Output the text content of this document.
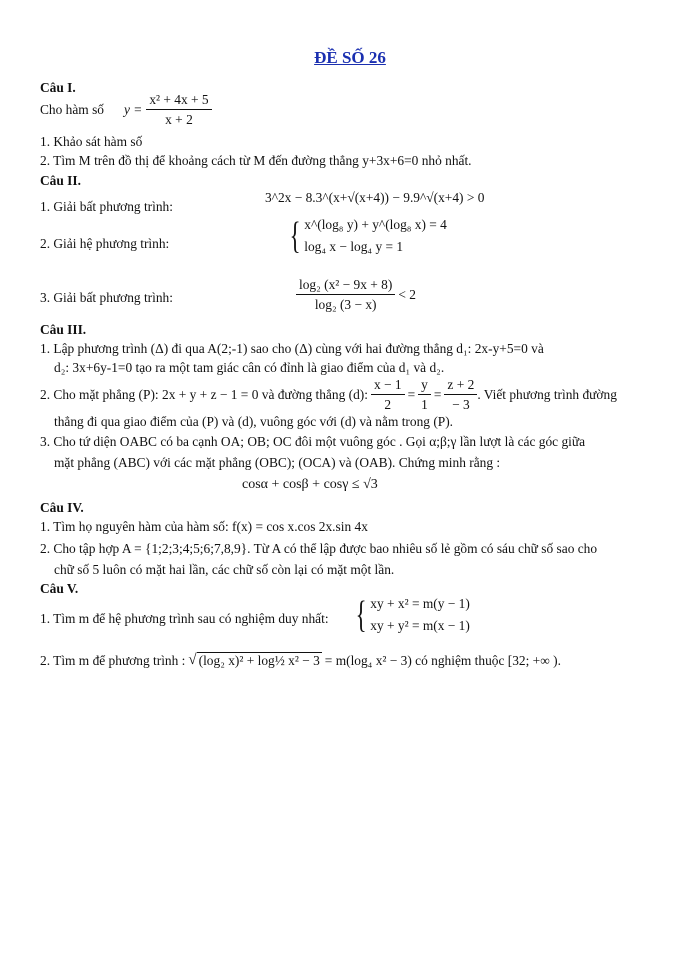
ĐỀ SỐ 26
Câu I.
Cho hàm số $y = \frac{\text{x² + 4x + 5}}{x + 2}$
1. Khảo sát hàm số
2. Tìm M trên đồ thị để khoảng cách từ M đến đường thẳng y+3x+6=0 nhỏ nhất.
Câu II.
1. Giải bất phương trình:
3^2x − 8.3^(x+√(x+4)) − 9.9^√(x+4) > 0
2. Giải hệ phương trình:	{ x^(log₈ y) + y^(log₈ x) = 4
log₄ x − log₄ y = 1
3. Giải bất phương trình:	$\frac{\text{log₂ (x² − 9x + 8)}}{\text{log₂ (3 − x)}} < 2$
Câu III.
1. Lập phương trình (Δ) đi qua A(2;-1) sao cho (Δ) cùng với hai đường thẳng d₁: 2x-y+5=0 và
d₂: 3x+6y-1=0 tạo ra một tam giác cân có đỉnh là giao điểm của d₁ và d₂.
2. Cho mặt phẳng (P): 2x + y + z − 1 = 0 và đường thẳng (d): $\frac{x - 1}{2} = \frac{y}{1} = \frac{z + 2}{- 3}$ . Viết phương trình đường
thẳng đi qua giao điểm của (P) và (d), vuông góc với (d) và nằm trong (P).
3. Cho tứ diện OABC có ba cạnh OA; OB; OC đôi một vuông góc . Gọi α;β;γ lần lượt là các góc giữa
mặt phẳng (ABC) với các mặt phẳng (OBC); (OCA) và (OAB). Chứng minh rằng :
cosα + cosβ + cosγ ≤ √3
Câu IV.
1. Tìm họ nguyên hàm của hàm số: f(x) = cos x.cos 2x.sin 4x
2. Cho tập hợp A = {1;2;3;4;5;6;7,8,9}. Từ A có thể lập được bao nhiêu số lẻ gồm có sáu chữ số sao cho
chữ số 5 luôn có mặt hai lần, các chữ số còn lại có mặt một lần.
Câu V.
1. Tìm m để hệ phương trình sau có nghiệm duy nhất: { xy + x² = m(y − 1)
xy + y² = m(x − 1)
2. Tìm m để phương trình : √ (log₂ x)² + log½ x² − 3 = m(log₄ x² − 3) có nghiệm thuộc [32; +∞ ).
